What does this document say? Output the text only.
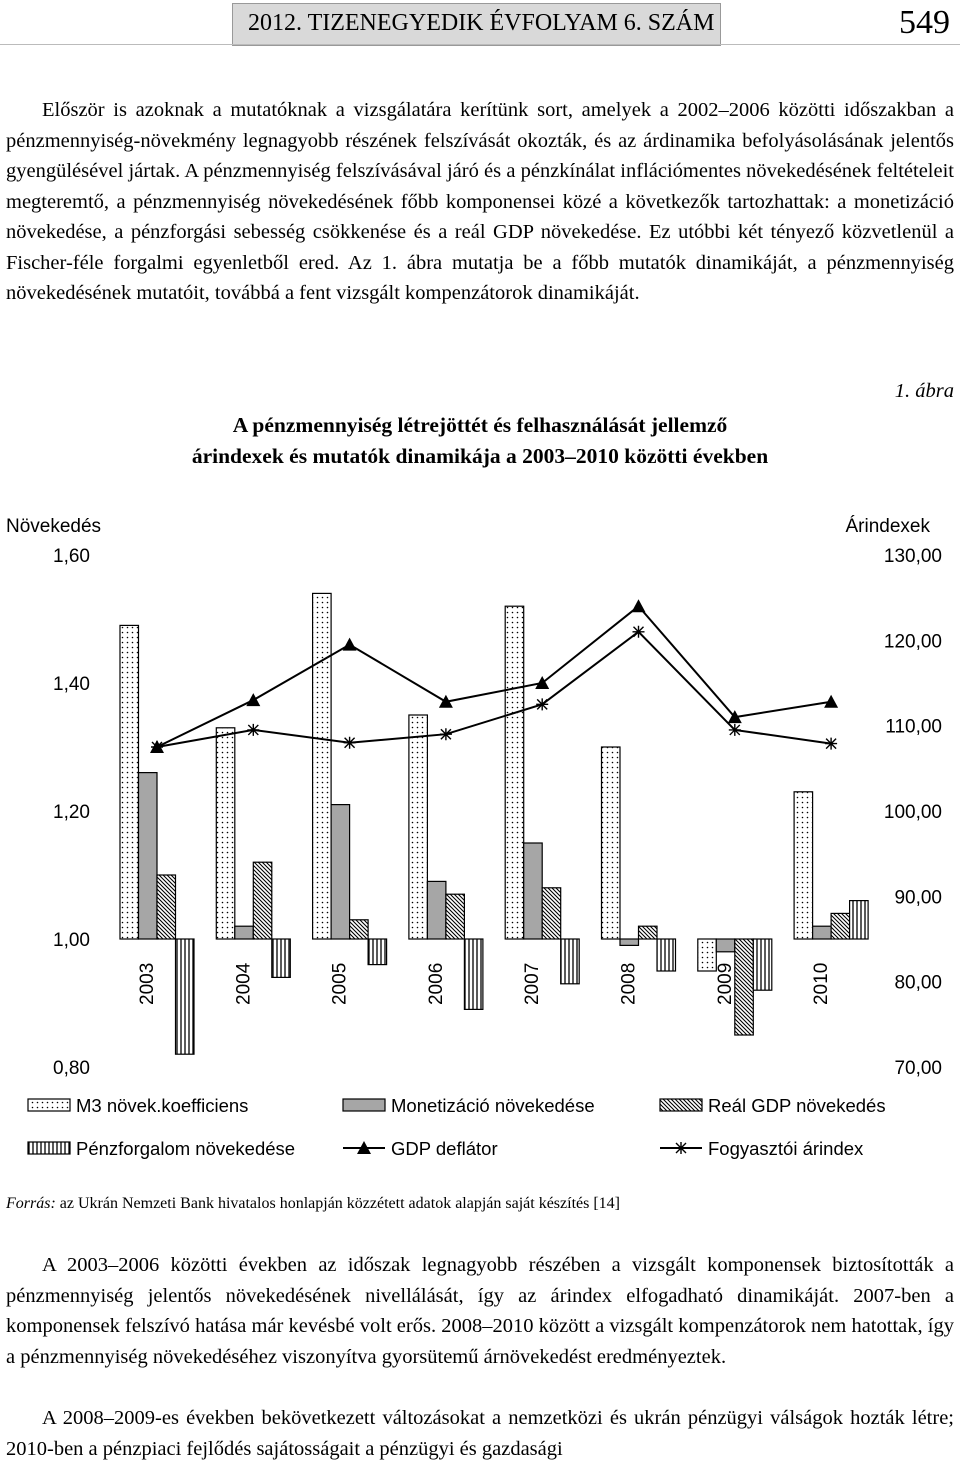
2012. TIZENEGYEDIK ÉVFOLYAM 6. SZÁM	549

Először is azoknak a mutatóknak a vizsgálatára kerítünk sort, amelyek a 2002–2006 közötti időszakban a pénzmennyiség-növekmény legnagyobb részének felszívását okozták, és az árdinamika befolyásolásának jelentős gyengülésével jártak. A pénzmennyiség felszívásával járó és a pénzkínálat inflációmentes növekedésének feltételeit megteremtő, a pénzmennyiség növekedésének főbb komponensei közé a következők tartozhattak: a monetizáció növekedése, a pénzforgási sebesség csökkenése és a reál GDP növekedése. Ez utóbbi két tényező közvetlenül a Fischer-féle forgalmi egyenletből ered. Az 1. ábra mutatja be a főbb mutatók dinamikáját, a pénzmennyiség növekedésének mutatóit, továbbá a fent vizsgált kompenzátorok dinamikáját.

1. ábra
A pénzmennyiség létrejöttét és felhasználását jellemző
árindexek és mutatók dinamikája a 2003–2010 közötti években
Növekedés	Árindexek
1,60
1,40
1,20
1,00
0,80
130,00
120,00
110,00
100,00
90,00
80,00
70,00
2003	2004	2005	2006	2007	2008	2009	2010
M3 növek.koefficiens	Monetizáció növekedése	Reál GDP növekedés
Pénzforgalom növekedése	GDP deflátor	Fogyasztói árindex
Forrás: az Ukrán Nemzeti Bank hivatalos honlapján közzétett adatok alapján saját készítés [14]

A 2003–2006 közötti években az időszak legnagyobb részében a vizsgált komponensek biztosították a pénzmennyiség jelentős növekedésének nivellálását, így az árindex elfogadható dinamikáját. 2007-ben a komponensek felszívó hatása már kevésbé volt erős. 2008–2010 között a vizsgált kompenzátorok nem hatottak, így a pénzmennyiség növekedéséhez viszonyítva gyorsütemű árnövekedést eredményeztek.

A 2008–2009-es években bekövetkezett változásokat a nemzetközi és ukrán pénzügyi válságok hozták létre; 2010-ben a pénzpiaci fejlődés sajátosságait a pénzügyi és gazdasági
